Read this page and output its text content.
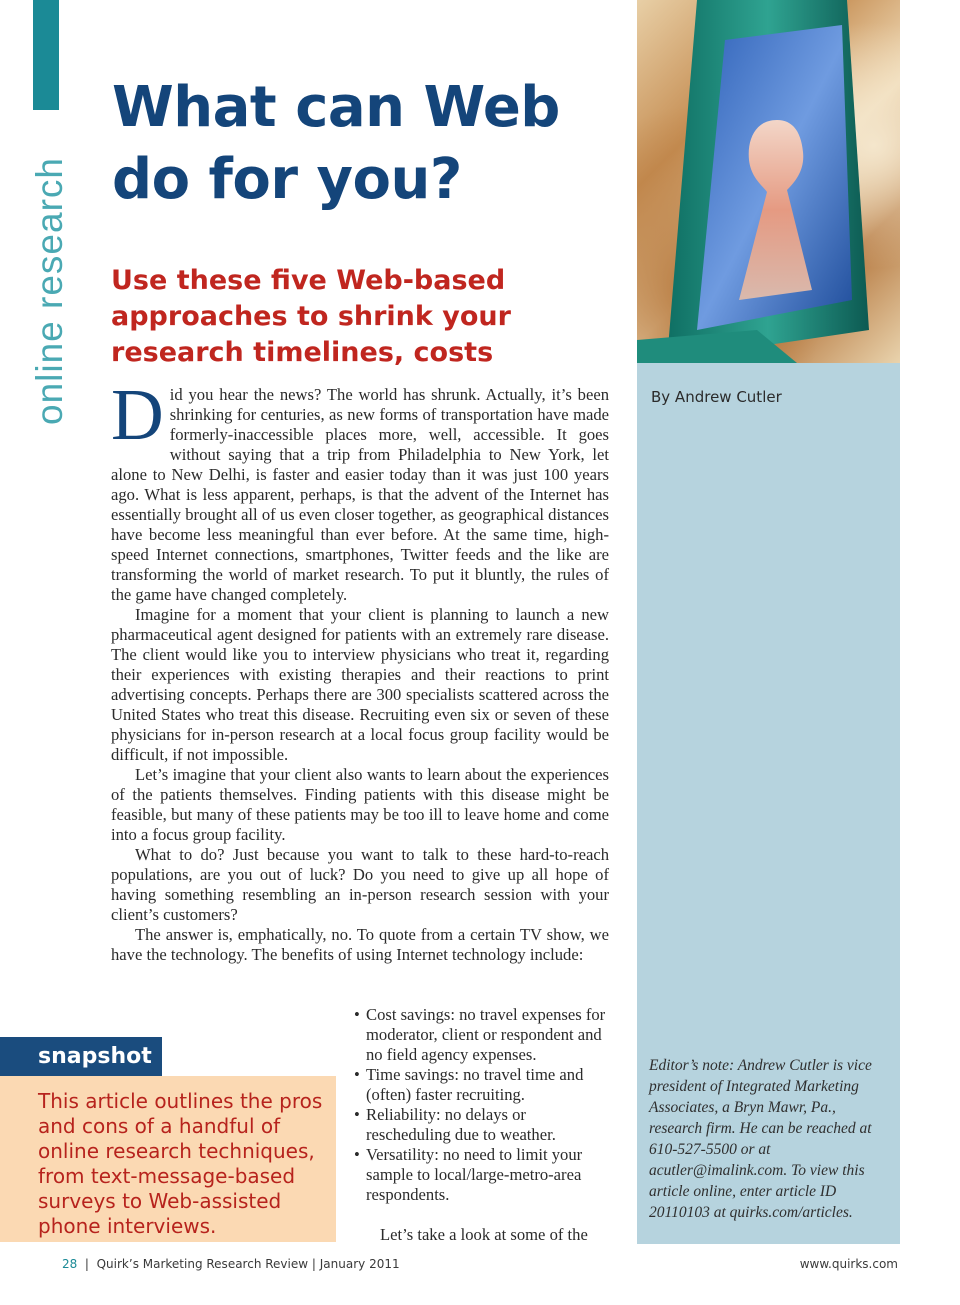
online research
What can Web do for you?
Use these five Web-based approaches to shrink your research timelines, costs
By Andrew Cutler
Editor’s note: Andrew Cutler is vice president of Integrated Marketing Associates, a Bryn Mawr, Pa., research firm. He can be reached at 610-527-5500 or at acutler@imalink.com. To view this article online, enter article ID 20110103 at quirks.com/articles.

Did you hear the news? The world has shrunk. Actually, it’s been shrinking for centuries, as new forms of transportation have made formerly-inaccessible places more, well, accessible. It goes without saying that a trip from Philadelphia to New York, let alone to New Delhi, is faster and easier today than it was just 100 years ago. What is less apparent, perhaps, is that the advent of the Internet has essentially brought all of us even closer together, as geographical distances have become less meaningful than ever before. At the same time, high-speed Internet connections, smartphones, Twitter feeds and the like are transforming the world of market research. To put it bluntly, the rules of the game have changed completely.

Imagine for a moment that your client is planning to launch a new pharmaceutical agent designed for patients with an extremely rare disease. The client would like you to interview physicians who treat it, regarding their experiences with existing therapies and their reactions to print advertising concepts. Perhaps there are 300 specialists scattered across the United States who treat this disease. Recruiting even six or seven of these physicians for in-person research at a local focus group facility would be difficult, if not impossible.

Let’s imagine that your client also wants to learn about the experiences of the patients themselves. Finding patients with this disease might be feasible, but many of these patients may be too ill to leave home and come into a focus group facility.

What to do? Just because you want to talk to these hard-to-reach populations, are you out of luck? Do you need to give up all hope of having something resembling an in-person research session with your client’s customers?

The answer is, emphatically, no. To quote from a certain TV show, we have the technology. The benefits of using Internet technology include:

snapshot
This article outlines the pros and cons of a handful of online research techniques, from text-message-based surveys to Web-assisted phone interviews.
• Cost savings: no travel expenses for moderator, client or respondent and no field agency expenses.
• Time savings: no travel time and (often) faster recruiting.
• Reliability: no delays or rescheduling due to weather.
• Versatility: no need to limit your sample to local/large-metro-area respondents.
Let’s take a look at some of the
28 | Quirk’s Marketing Research Review | January 2011	www.quirks.com
